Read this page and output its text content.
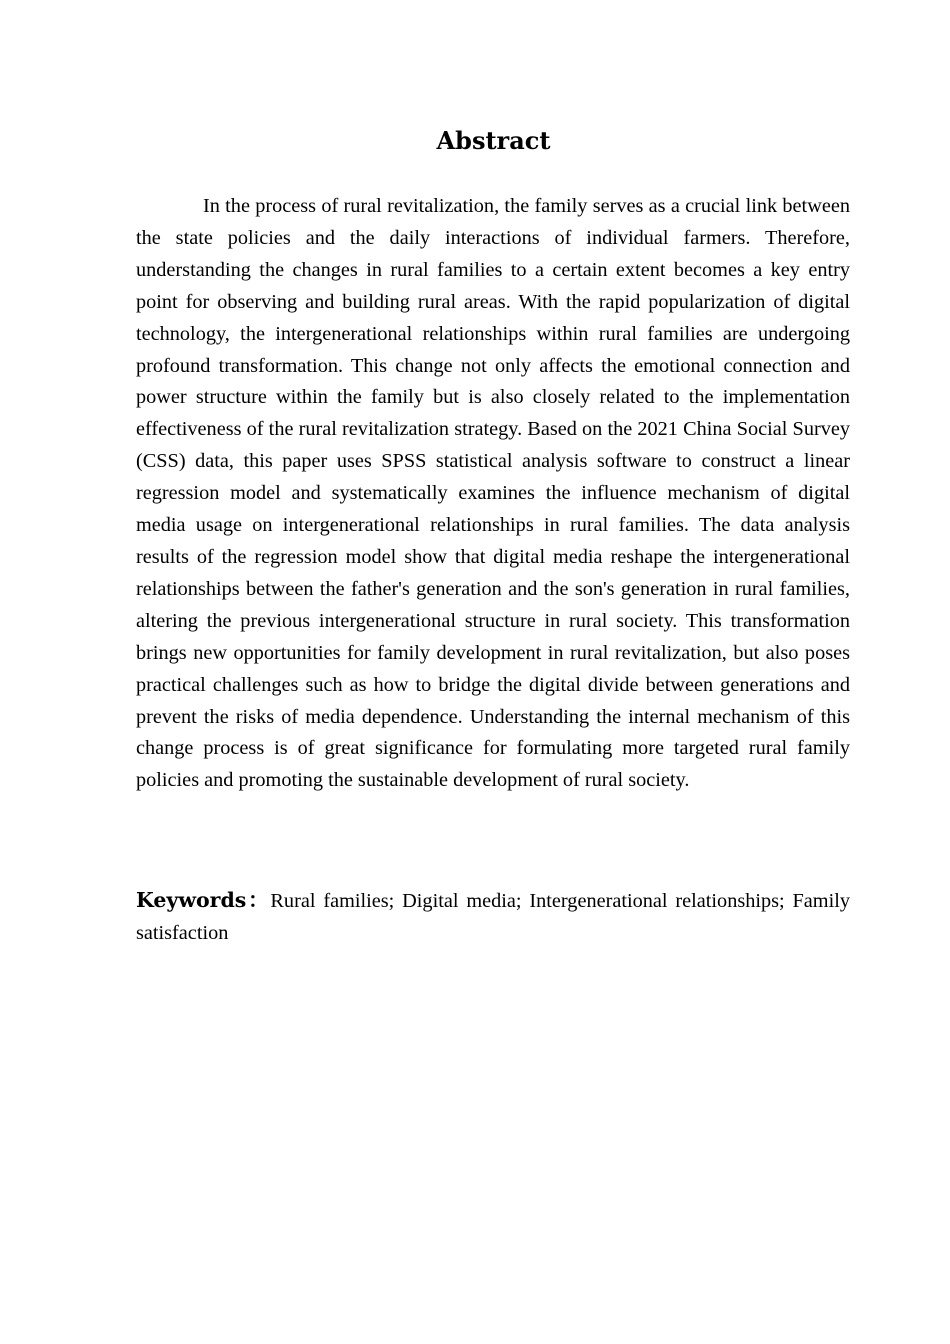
Abstract

In the process of rural revitalization, the family serves as a crucial link between the state policies and the daily interactions of individual farmers. Therefore, understanding the changes in rural families to a certain extent becomes a key entry point for observing and building rural areas. With the rapid popularization of digital technology, the intergenerational relationships within rural families are undergoing profound transformation. This change not only affects the emotional connection and power structure within the family but is also closely related to the implementation effectiveness of the rural revitalization strategy. Based on the 2021 China Social Survey (CSS) data, this paper uses SPSS statistical analysis software to construct a linear regression model and systematically examines the influence mechanism of digital media usage on intergenerational relationships in rural families. The data analysis results of the regression model show that digital media reshape the intergenerational relationships between the father's generation and the son's generation in rural families, altering the previous intergenerational structure in rural society. This transformation brings new opportunities for family development in rural revitalization, but also poses practical challenges such as how to bridge the digital divide between generations and prevent the risks of media dependence. Understanding the internal mechanism of this change process is of great significance for formulating more targeted rural family policies and promoting the sustainable development of rural society.

Keywords：Rural families; Digital media; Intergenerational relationships; Family satisfaction
